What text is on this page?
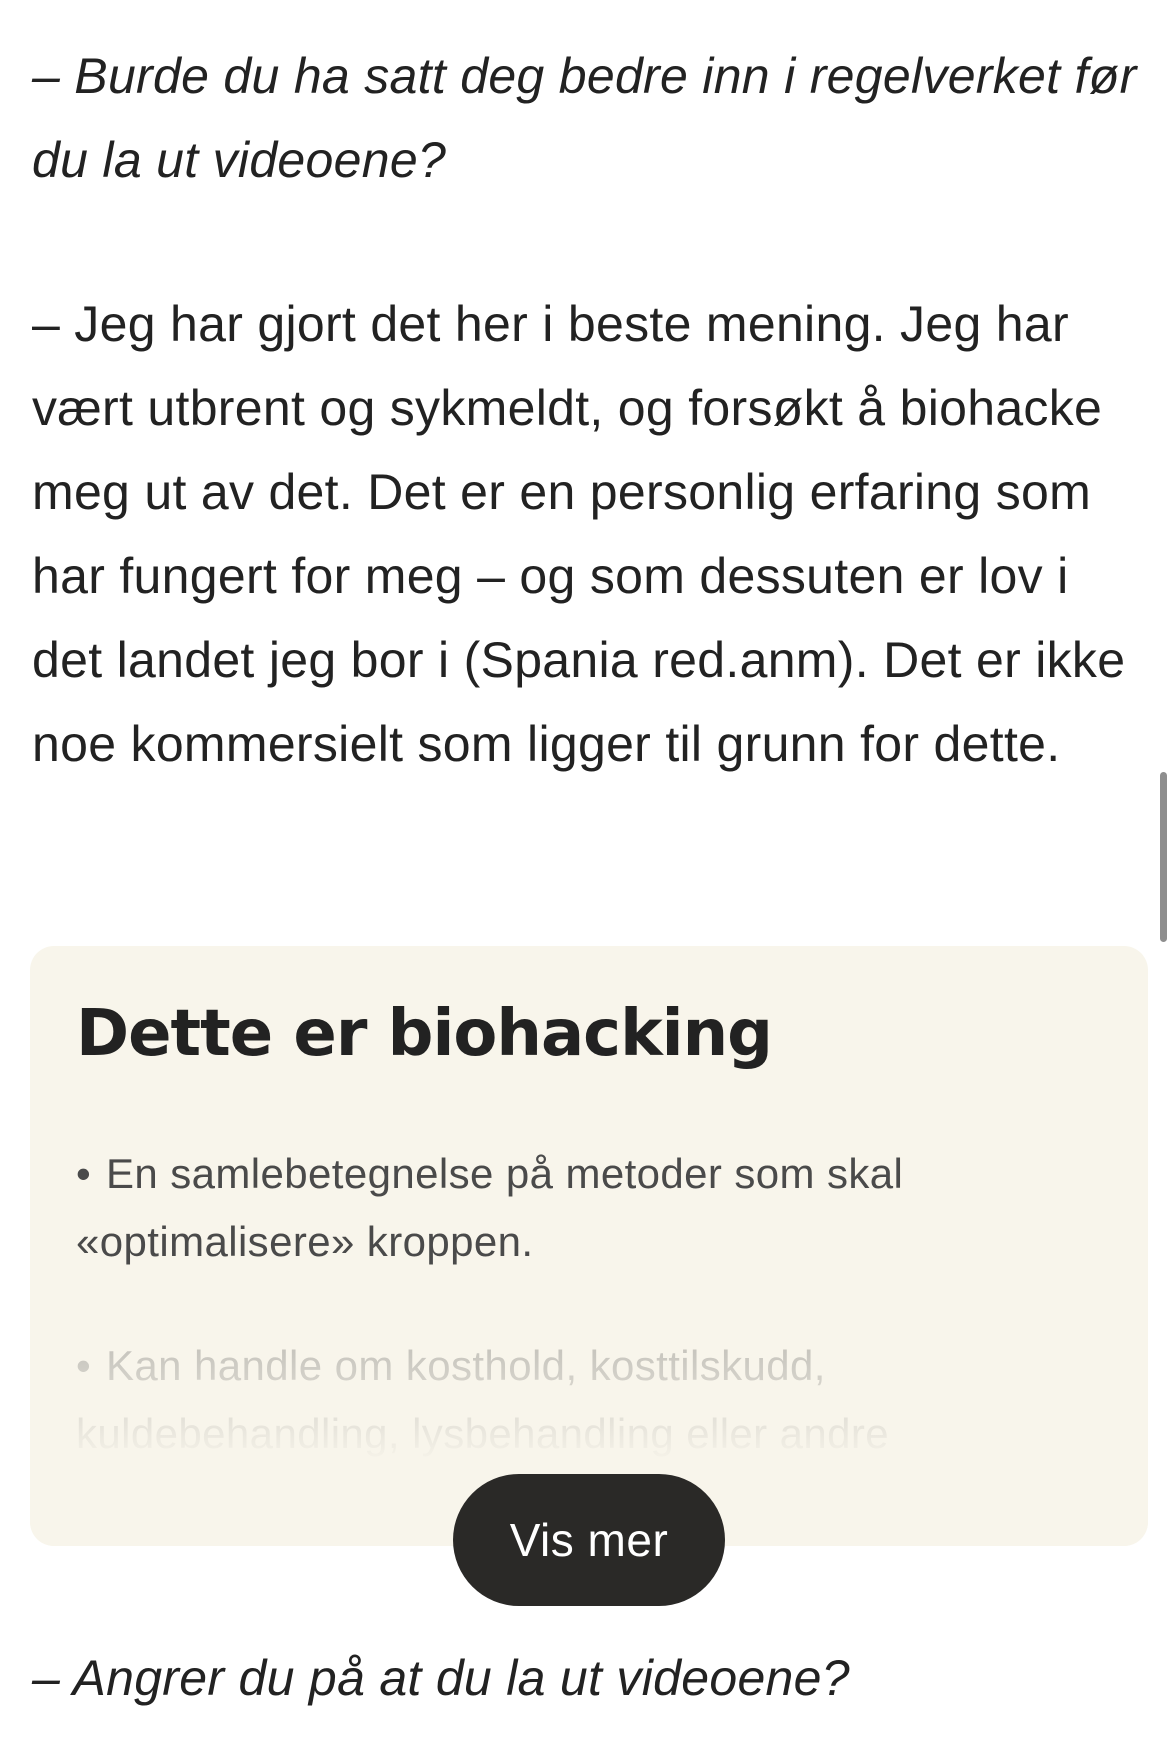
– Burde du ha satt deg bedre inn i regelverket før du la ut videoene?

– Jeg har gjort det her i beste mening. Jeg har vært utbrent og sykmeldt, og forsøkt å biohacke meg ut av det. Det er en personlig erfaring som har fungert for meg – og som dessuten er lov i det landet jeg bor i (Spania red.anm). Det er ikke noe kommersielt som ligger til grunn for dette.

Dette er biohacking
• En samlebetegnelse på metoder som skal «optimalisere» kroppen.
Vis mer

– Angrer du på at du la ut videoene?
